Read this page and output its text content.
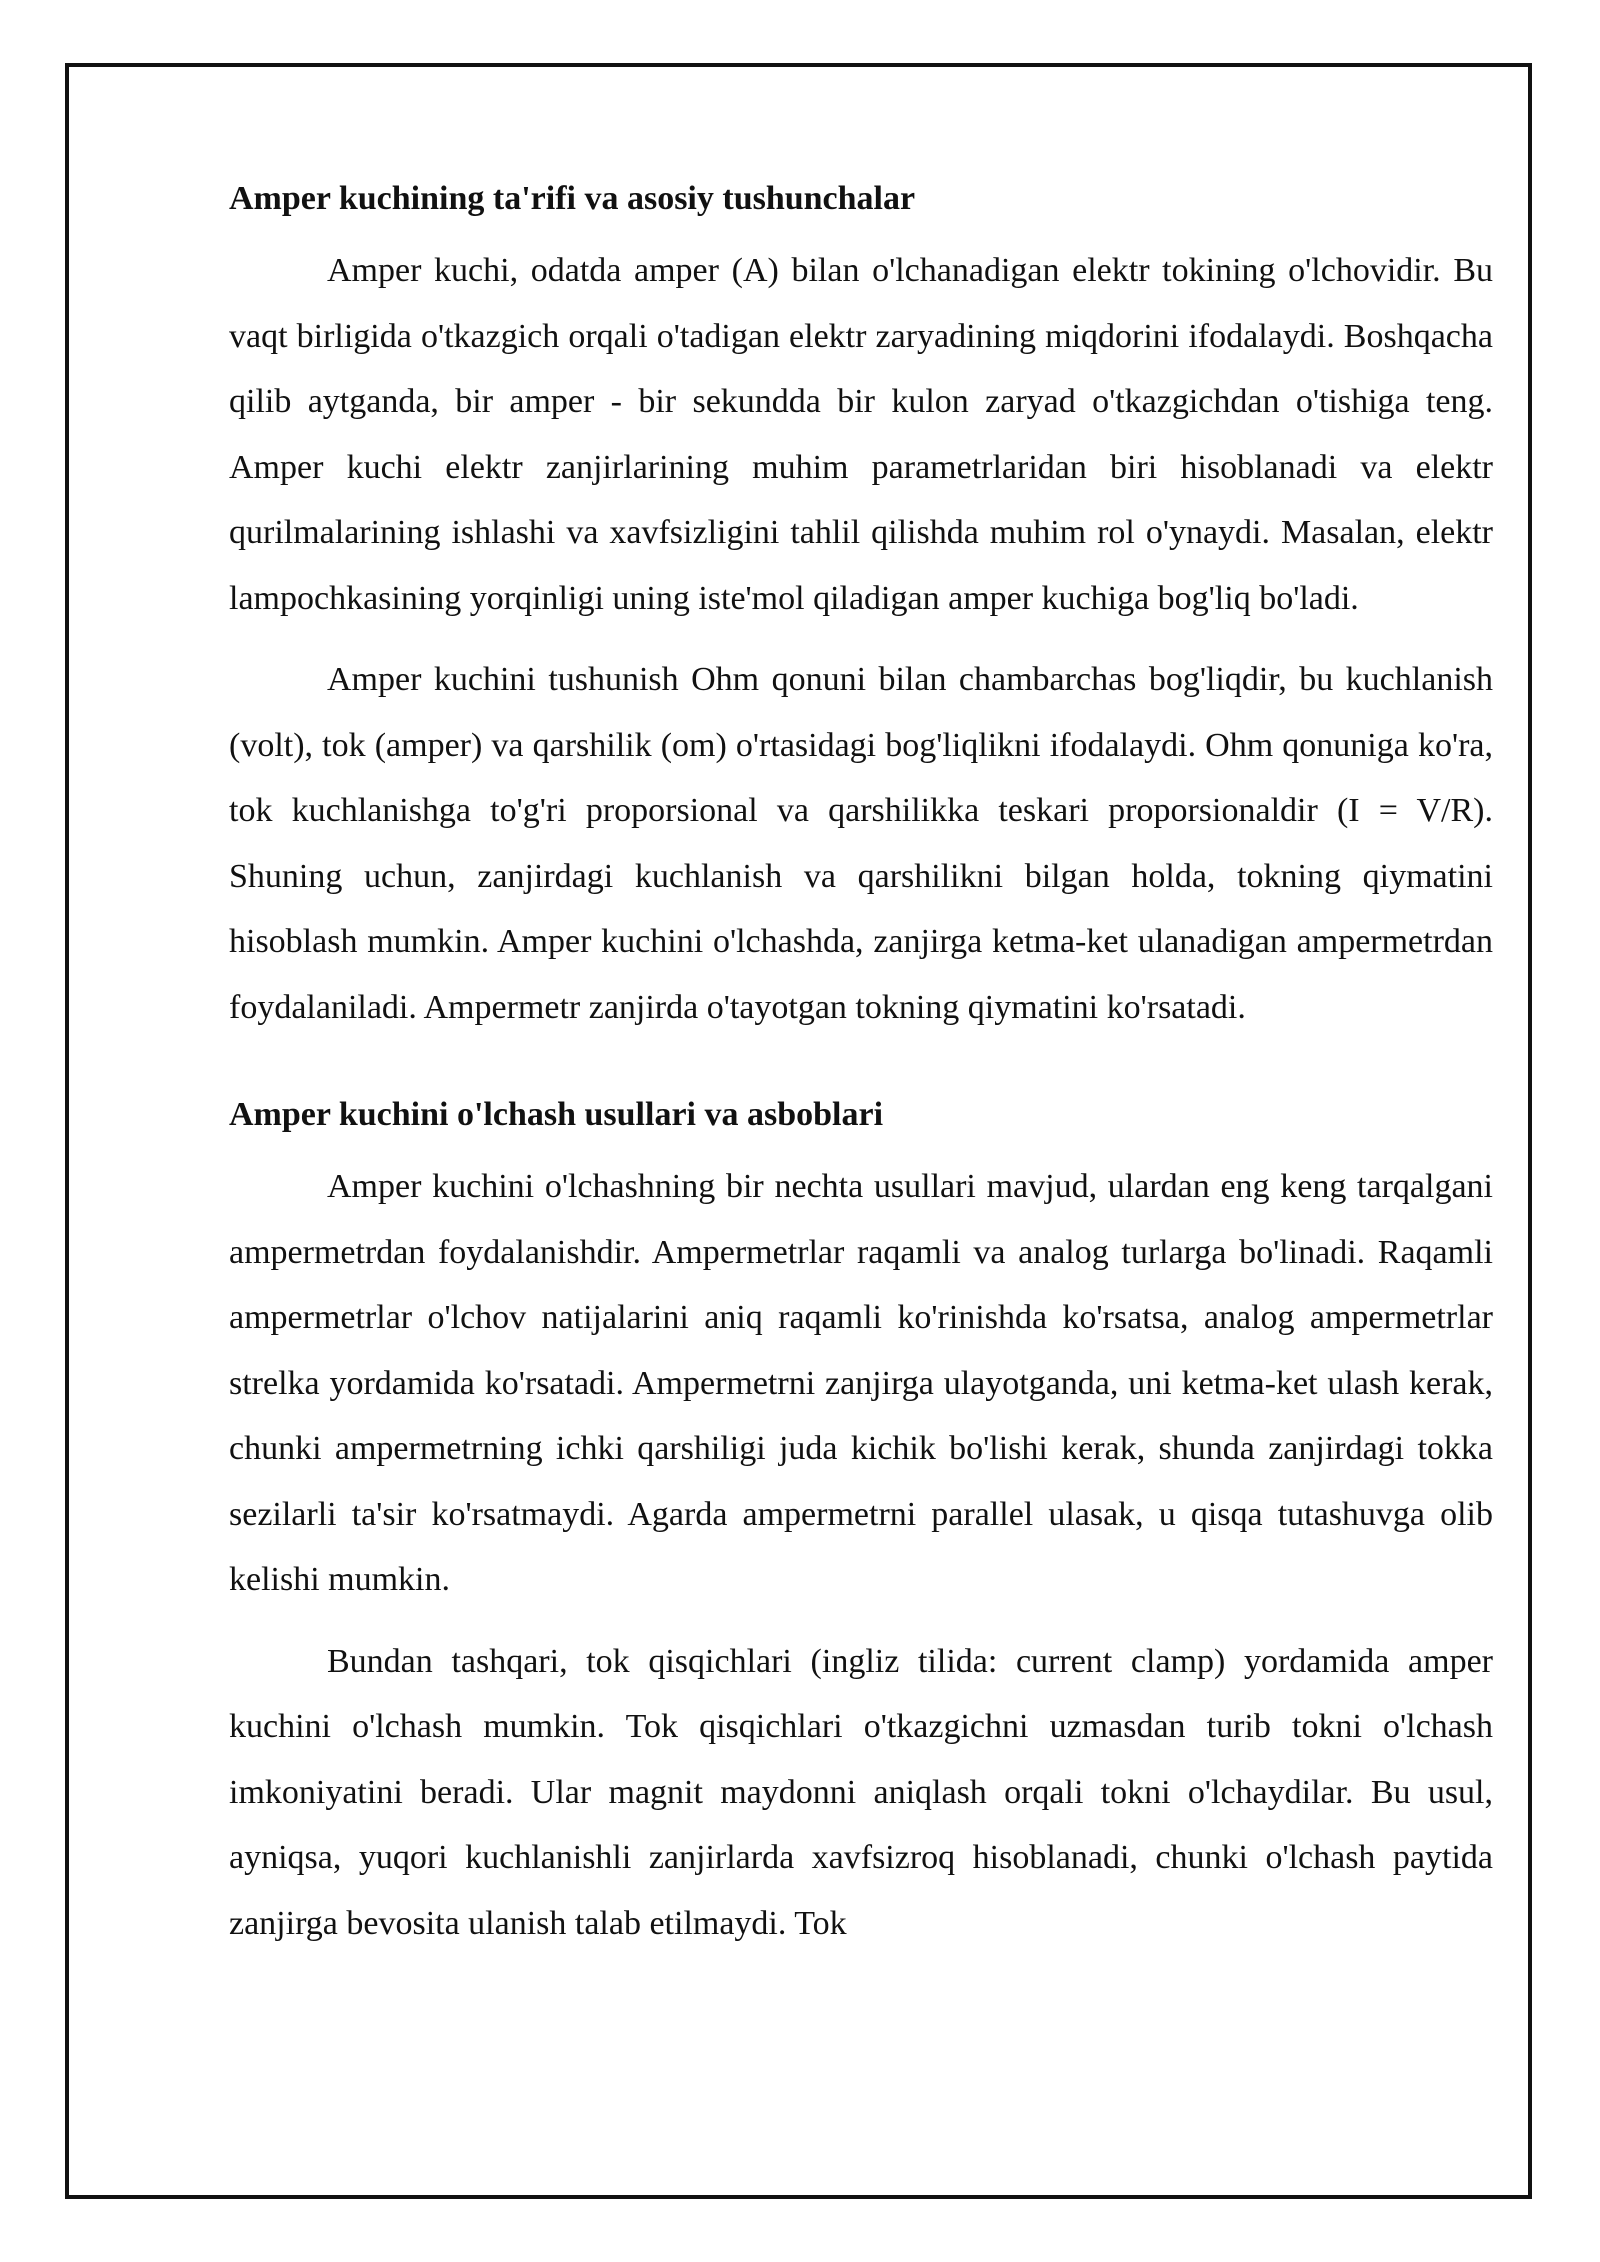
Amper kuchining ta'rifi va asosiy tushunchalar

Amper kuchi, odatda amper (A) bilan o'lchanadigan elektr tokining o'lchovidir. Bu vaqt birligida o'tkazgich orqali o'tadigan elektr zaryadining miqdorini ifodalaydi. Boshqacha qilib aytganda, bir amper - bir sekundda bir kulon zaryad o'tkazgichdan o'tishiga teng. Amper kuchi elektr zanjirlarining muhim parametrlaridan biri hisoblanadi va elektr qurilmalarining ishlashi va xavfsizligini tahlil qilishda muhim rol o'ynaydi. Masalan, elektr lampochkasining yorqinligi uning iste'mol qiladigan amper kuchiga bog'liq bo'ladi.

Amper kuchini tushunish Ohm qonuni bilan chambarchas bog'liqdir, bu kuchlanish (volt), tok (amper) va qarshilik (om) o'rtasidagi bog'liqlikni ifodalaydi. Ohm qonuniga ko'ra, tok kuchlanishga to'g'ri proporsional va qarshilikka teskari proporsionaldir (I = V/R). Shuning uchun, zanjirdagi kuchlanish va qarshilikni bilgan holda, tokning qiymatini hisoblash mumkin. Amper kuchini o'lchashda, zanjirga ketma-ket ulanadigan ampermetrdan foydalaniladi. Ampermetr zanjirda o'tayotgan tokning qiymatini ko'rsatadi.

Amper kuchini o'lchash usullari va asboblari

Amper kuchini o'lchashning bir nechta usullari mavjud, ulardan eng keng tarqalgani ampermetrdan foydalanishdir. Ampermetrlar raqamli va analog turlarga bo'linadi. Raqamli ampermetrlar o'lchov natijalarini aniq raqamli ko'rinishda ko'rsatsa, analog ampermetrlar strelka yordamida ko'rsatadi. Ampermetrni zanjirga ulayotganda, uni ketma-ket ulash kerak, chunki ampermetrning ichki qarshiligi juda kichik bo'lishi kerak, shunda zanjirdagi tokka sezilarli ta'sir ko'rsatmaydi. Agarda ampermetrni parallel ulasak, u qisqa tutashuvga olib kelishi mumkin.

Bundan tashqari, tok qisqichlari (ingliz tilida: current clamp) yordamida amper kuchini o'lchash mumkin. Tok qisqichlari o'tkazgichni uzmasdan turib tokni o'lchash imkoniyatini beradi. Ular magnit maydonni aniqlash orqali tokni o'lchaydilar. Bu usul, ayniqsa, yuqori kuchlanishli zanjirlarda xavfsizroq hisoblanadi, chunki o'lchash paytida zanjirga bevosita ulanish talab etilmaydi. Tok
